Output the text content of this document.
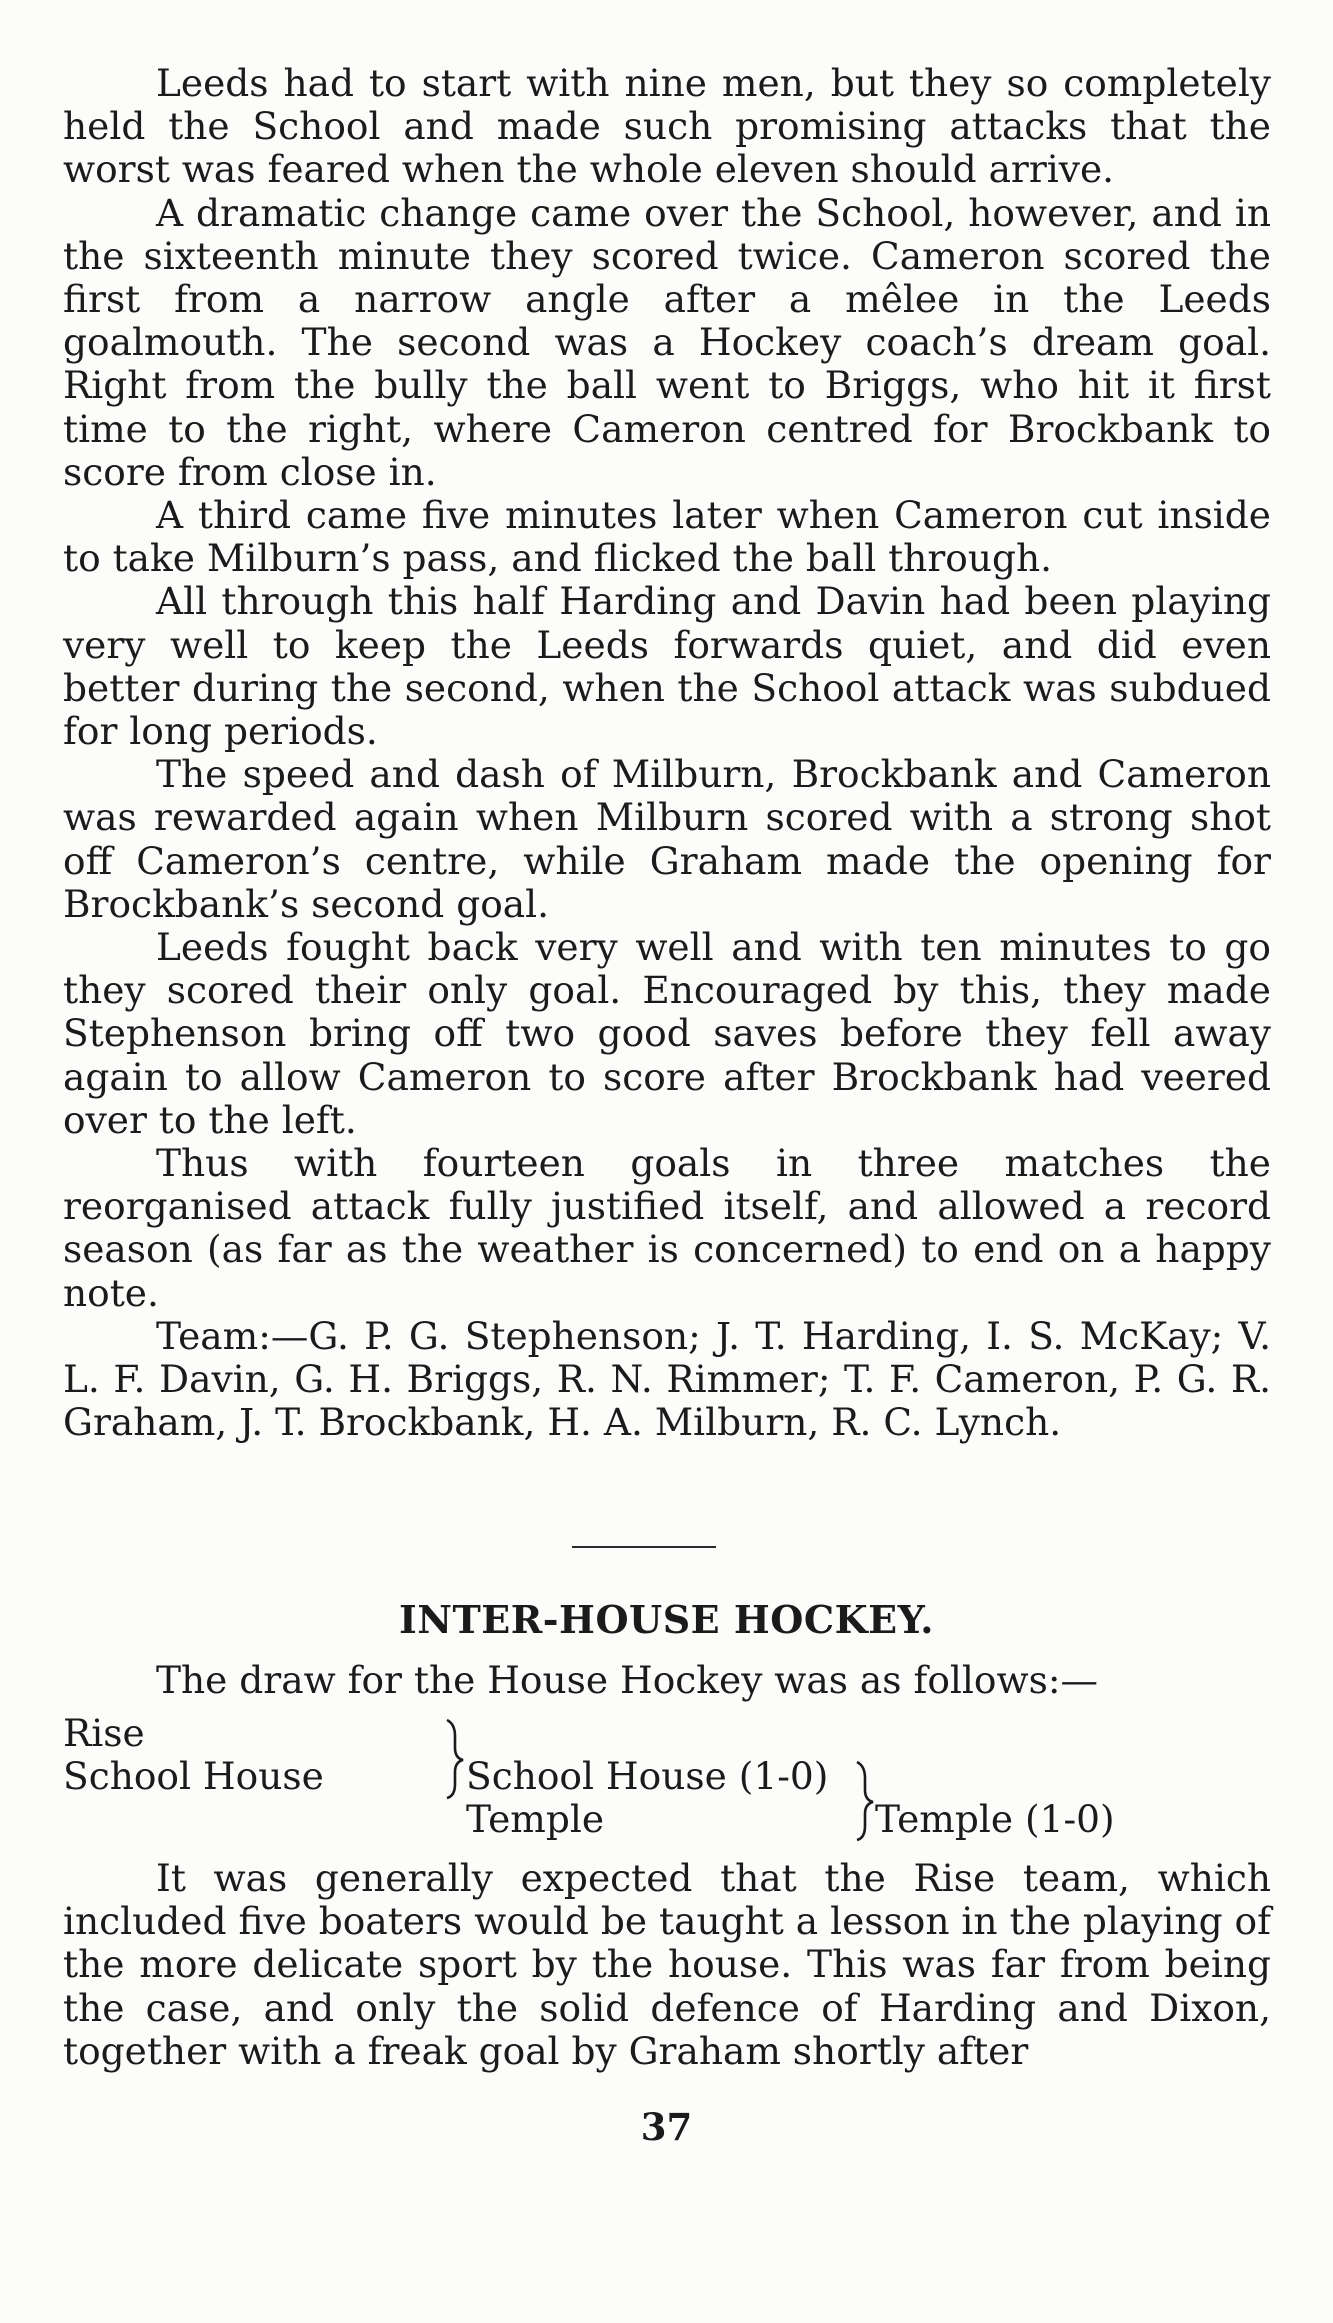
Leeds had to start with nine men, but they so completely held the School and made such promising attacks that the worst was feared when the whole eleven should arrive.

A dramatic change came over the School, however, and in the sixteenth minute they scored twice. Cameron scored the first from a narrow angle after a mêlee in the Leeds goalmouth. The second was a Hockey coach’s dream goal. Right from the bully the ball went to Briggs, who hit it first time to the right, where Cameron centred for Brockbank to score from close in.

A third came five minutes later when Cameron cut inside to take Milburn’s pass, and flicked the ball through.

All through this half Harding and Davin had been playing very well to keep the Leeds forwards quiet, and did even better during the second, when the School attack was subdued for long periods.

The speed and dash of Milburn, Brockbank and Cameron was rewarded again when Milburn scored with a strong shot off Cameron’s centre, while Graham made the opening for Brockbank’s second goal.

Leeds fought back very well and with ten minutes to go they scored their only goal. Encouraged by this, they made Stephenson bring off two good saves before they fell away again to allow Cameron to score after Brockbank had veered over to the left.

Thus with fourteen goals in three matches the reorganised attack fully justified itself, and allowed a record season (as far as the weather is concerned) to end on a happy note.

Team:—G. P. G. Stephenson; J. T. Harding, I. S. McKay; V. L. F. Davin, G. H. Briggs, R. N. Rimmer; T. F. Cameron, P. G. R. Graham, J. T. Brockbank, H. A. Milburn, R. C. Lynch.

INTER-HOUSE HOCKEY.

The draw for the House Hockey was as follows:—

Rise
School House	School House (1-0)
Temple	Temple (1-0)

It was generally expected that the Rise team, which included five boaters would be taught a lesson in the playing of the more delicate sport by the house. This was far from being the case, and only the solid defence of Harding and Dixon, together with a freak goal by Graham shortly after

37
